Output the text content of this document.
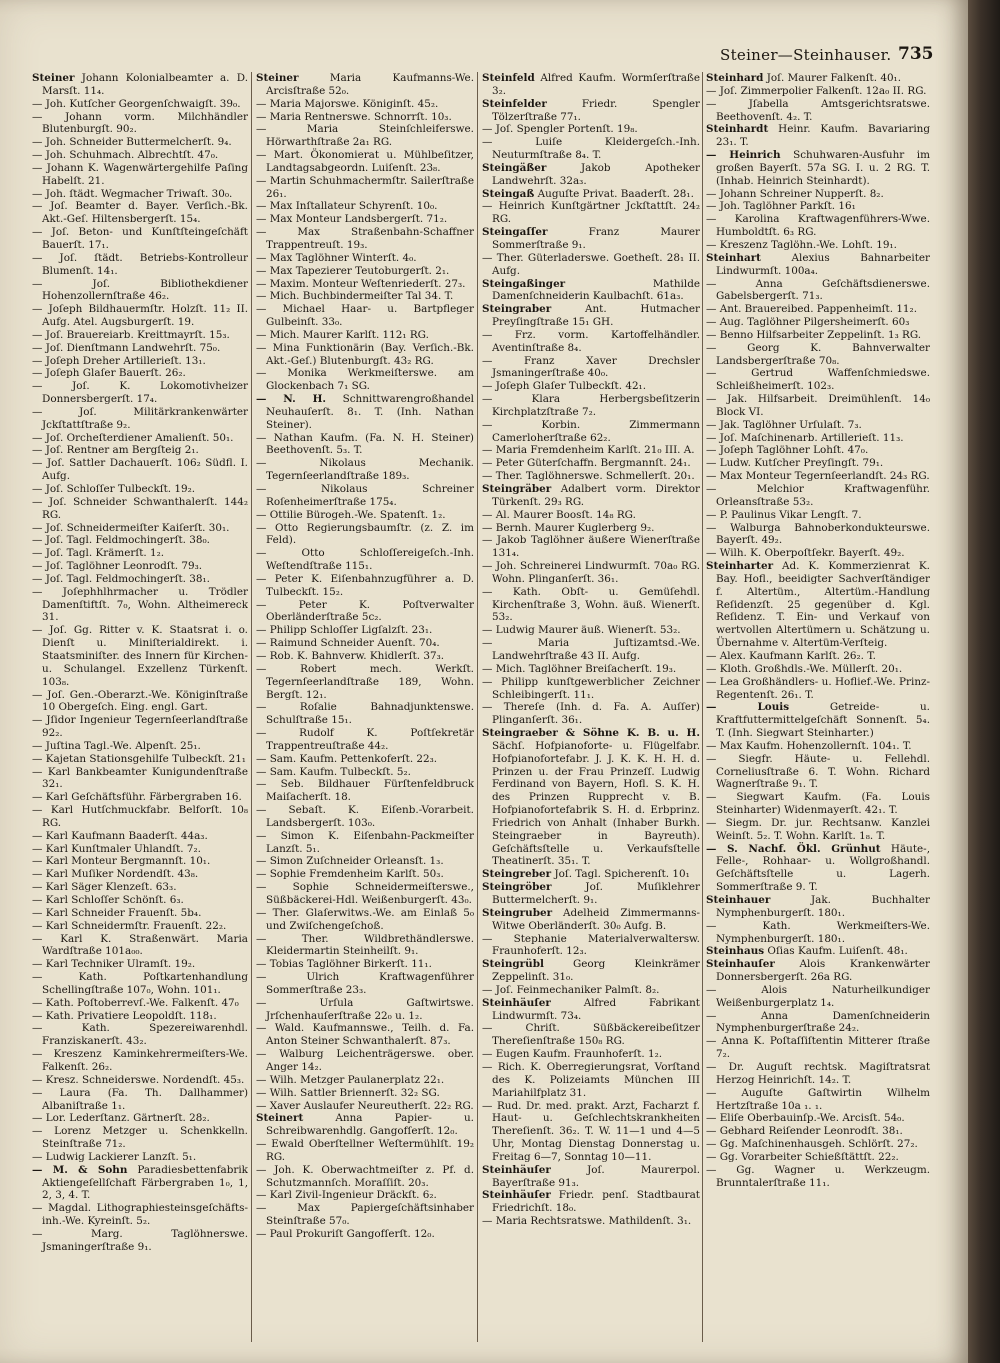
Steiner—Steinhauser. 735

Steiner Johann Kolonialbeamter a. D. Marsſt. 11₄.

— Joh. Kutſcher Georgenſchwaigſt. 39₀.

— Johann vorm. Milchhändler Blutenburgſt. 90₂.

— Joh. Schneider Buttermelcherſt. 9₄.

— Joh. Schuhmach. Albrechtſt. 47₀.

— Johann K. Wagenwärtergehilfe Paſing Habelſt. 21.

— Joh. ſtädt. Wegmacher Triwaſt. 30₀.

— Joſ. Beamter d. Bayer. Verſich.-Bk. Akt.-Geſ. Hiltensbergerſt. 15₄.

— Joſ. Beton- und Kunſtſteingeſchäft Bauerſt. 17₁.

— Joſ. ſtädt. Betriebs-Kontrolleur Blumenſt. 14₁.

— Joſ. Bibliothekdiener Hohenzollernſtraße 46₂.

— Joſeph Bildhauermſtr. Holzſt. 11₂ II. Aufg. Atel. Augsburgerſt. 19.

— Joſ. Brauereiarb. Kreittmayrſt. 15₃.

— Joſ. Dienſtmann Landwehrſt. 75₀.

— Joſeph Dreher Artillerieſt. 13₁.

— Joſeph Glaſer Bauerſt. 26₂.

— Joſ. K. Lokomotivheizer Donnersbergerſt. 17₄.

— Joſ. Militärkrankenwärter Jckſtattſtraße 9₂.

— Joſ. Orcheſterdiener Amalienſt. 50₁.

— Joſ. Rentner am Bergſteig 2₁.

— Joſ. Sattler Dachauerſt. 106₂ Südfl. I. Aufg.

— Joſ. Schloſſer Tulbeckſt. 19₂.

— Joſ. Schneider Schwanthalerſt. 144₂ RG.

— Joſ. Schneidermeiſter Kaiſerſt. 30₁.

— Joſ. Tagl. Feldmochingerſt. 38₀.

— Joſ. Tagl. Krämerſt. 1₂.

— Joſ. Taglöhner Leonrodſt. 79₃.

— Joſ. Tagl. Feldmochingerſt. 38₁.

— Joſephhlhrmacher u. Trödler Damenſtiftſt. 7₀, Wohn. Altheimereck 31.

— Joſ. Gg. Ritter v. K. Staatsrat i. o. Dienſt u. Miniſterialdirekt. i. Staatsminiſter. des Innern für Kirchen- u. Schulangel. Exzellenz Türkenſt. 103₈.

— Joſ. Gen.-Oberarzt.-We. Königinſtraße 10 Obergeſch. Eing. engl. Gart.

— Jſidor Ingenieur Tegernſeerlandſtraße 92₂.

— Juſtina Tagl.-We. Alpenſt. 25₁.

— Kajetan Stationsgehilfe Tulbeckſt. 21₁

— Karl Bankbeamter Kunigundenſtraße 32₁.

— Karl Geſchäftsführ. Färbergraben 16.

— Karl Hutſchmuckfabr. Belforſt. 10₈ RG.

— Karl Kaufmann Baaderſt. 44a₃.

— Karl Kunſtmaler Uhlandſt. 7₂.

— Karl Monteur Bergmannſt. 10₁.

— Karl Muſiker Nordendſt. 43₈.

— Karl Säger Klenzeſt. 63₃.

— Karl Schloſſer Schönſt. 6₃.

— Karl Schneider Frauenſt. 5b₄.

— Karl Schneidermſtr. Frauenſt. 22₂.

— Karl K. Straßenwärt. Maria Wardſtraße 101a₀₀.

— Karl Techniker Ulramſt. 19₂.

— Kath. Poſtkartenhandlung Schellingſtraße 107₀, Wohn. 101₁.

— Kath. Poſtoberrevſ.-We. Falkenſt. 47₀

— Kath. Privatiere Leopoldſt. 118₁.

— Kath. Spezereiwarenhdl. Franziskanerſt. 43₂.

— Kreszenz Kaminkehrermeiſters-We. Falkenſt. 26₂.

— Kresz. Schneiderswe. Nordendſt. 45₃.

— Laura (Fa. Th. Dallhammer) Albaniſtraße 1₁.

— Lor. Lederſtanz. Gärtnerſt. 28₂.

— Lorenz Metzger u. Schenkkelln. Steinſtraße 71₂.

— Ludwig Lackierer Lanzſt. 5₁.

— M. & Sohn Paradiesbettenfabrik Aktiengeſellſchaft Färbergraben 1₀, 1, 2, 3, 4. T.

— Magdal. Lithographiesteinsgeſchäfts-inh.-We. Kyreinſt. 5₂.

— Marg. Taglöhnerswe. Jsmaningerſtraße 9₁.

Steiner	Maria Kaufmanns-We. Arcisſtraße 52₀.

— Maria Majorswe. Königinſt. 45₂.

— Maria Rentnerswe. Schnorrſt. 10₃.

— Maria Steinſchleiferswe. Hörwarthſtraße 2a₁ RG.

— Mart. Ökonomierat u. Mühlbeſitzer, Landtagsabgeordn. Luiſenſt. 23₈.

— Martin Schuhmachermſtr. Sailerſtraße 26₁.

— Max Inſtallateur Schyrenſt. 10₀.

— Max Monteur Landsbergerſt. 71₂.

— Max Straßenbahn-Schaffner Trappentreuſt. 19₃.

— Max Taglöhner Winterſt. 4₀.

— Max Tapezierer Teutoburgerſt. 2₁.

— Maxim. Monteur Weſtenriederſt. 27₃.

— Mich. Buchbindermeiſter Tal 34. T.

— Michael Haar- u. Bartpfleger Gulbeinſt. 33₀.

— Mich. Maurer Karlſt. 112₁ RG.

— Mina Funktionärin (Bay. Verſich.-Bk. Akt.-Geſ.) Blutenburgſt. 43₂ RG.

— Monika Werkmeiſterswe. am Glockenbach 7₁ SG.

— N. H. Schnittwarengroßhandel Neuhauſerſt. 8₁. T. (Inh. Nathan Steiner).

— Nathan Kaufm. (Fa. N. H. Steiner) Beethovenſt. 5₃. T.

— Nikolaus Mechanik. Tegernſeerlandſtraße 189₃.

— Nikolaus Schreiner Roſenheimerſtraße 175₄.

— Ottilie Bürogeh.-We. Spatenſt. 1₂.

— Otto Regierungsbaumſtr. (z. Z. im Feld).

— Otto Schloſſereigeſch.-Inh. Weſtendſtraße 115₁.

— Peter K. Eiſenbahnzugführer a. D. Tulbeckſt. 15₂.

— Peter K. Poſtverwalter Oberländerſtraße 5c₂.

— Philipp Schloſſer Ligſalzſt. 23₁.

— Raimund Schneider Auenſt. 70₄.

— Rob. K. Bahnverw. Khidlerſt. 37₃.

— Robert mech. Werkſt. Tegernſeerlandſtraße 189, Wohn. Bergſt. 12₁.

— Roſalie Bahnadjunktenswe. Schulſtraße 15₁.

— Rudolf K. Poſtſekretär Trappentreuſtraße 44₂.

— Sam. Kaufm. Pettenkoferſt. 22₃.

— Sam. Kaufm. Tulbeckſt. 5₂.

— Seb. Bildhauer Fürſtenfeldbruck Maiſacherſt. 18.

— Sebaſt. K. Eiſenb.-Vorarbeit. Landsbergerſt. 103₀.

— Simon K. Eiſenbahn-Packmeiſter Lanzſt. 5₁.

— Simon Zuſchneider Orleansſt. 1₃.

— Sophie Fremdenheim Karlſt. 50₃.

— Sophie Schneidermeiſterswe., Süßbäckerei-Hdl. Weißenburgerſt. 43₀.

— Ther. Glaſerwitws.-We. am Einlaß 5₀ und Zwiſchengeſchoß.

— Ther. Wildbrethändlerswe. Kleidermartin Steinheilſt. 9₁.

— Tobias Taglöhner Birkerſt. 11₁.

— Ulrich Kraftwagenführer Sommerſtraße 23₃.

— Urſula Gaſtwirtswe. Jrſchenhauſerſtraße 22₀ u. 1₂.

— Wald. Kaufmannswe., Teilh. d. Fa. Anton Steiner Schwanthalerſt. 87₃.

— Walburg Leichenträgerswe. ober. Anger 14₂.

— Wilh. Metzger Paulanerplatz 22₁.

— Wilh. Sattler Briennerſt. 32₂ SG.

— Xaver Auslaufer Neureutherſt. 22₂ RG.

Steinert	Anna Papier- u. Schreibwarenhdlg. Gangofſerſt. 12₀.

— Ewald Oberſtellner Weſtermühlſt. 19₂ RG.

— Joh. K. Oberwachtmeiſter z. Pf. d. Schutzmannſch. Moraſſiſt. 20₃.

— Karl Zivil-Ingenieur Dräckſt. 6₂.

— Max Papiergeſchäftsinhaber Steinſtraße 57₀.

— Paul Prokuriſt Gangofſerſt. 12₀.

Steinfeld Alfred Kaufm. Wormſerſtraße 3₂.

Steinfelder	Friedr. Spengler Tölzerſtraße 77₁.

— Joſ. Spengler Portenſt. 19₈.

— Luiſe Kleidergeſch.-Inh. Neuturmſtraße 8₄. T.

Steingäßer	Jakob Apotheker Landwehrſt. 32a₃.

Steingaß Auguſte Privat. Baaderſt. 28₁.

— Heinrich Kunſtgärtner Jckſtattſt. 24₂ RG.

Steingaſſer	Franz Maurer Sommerſtraße 9₁.

— Ther. Güterladerswe. Goetheſt. 28₁ II. Aufg.

Steingaßinger	Mathilde Damenſchneiderin Kaulbachſt. 61a₃.

Steingraber	Ant. Hutmacher Preyſingſtraße 15₁ GH.

— Frz. vorm. Kartoffelhändler. Aventinſtraße 8₄.

— Franz Xaver Drechsler Jsmaningerſtraße 40₀.

— Joſeph Glaſer Tulbeckſt. 42₁.

— Klara Herbergsbeſitzerin Kirchplatzſtraße 7₂.

— Korbin. Zimmermann Camerloherſtraße 62₂.

— Maria Fremdenheim Karlſt. 21₀ III. A.

— Peter Güterſchaffn. Bergmannſt. 24₁.

— Ther. Taglöhnerswe. Schmellerſt. 20₁.

Steingräber Adalbert vorm. Direktor Türkenſt. 29₃ RG.

— Al. Maurer Boosſt. 14₈ RG.

— Bernh. Maurer Kuglerberg 9₂.

— Jakob Taglöhner äußere Wienerſtraße 131₄.

— Joh. Schreinerei Lindwurmſt. 70a₀ RG. Wohn. Plinganſerſt. 36₁.

— Kath. Obſt- u. Gemüſehdl. Kirchenſtraße 3, Wohn. äuß. Wienerſt. 53₂.

— Ludwig Maurer äuß. Wienerſt. 53₂.

— Maria Juſtizamtsd.-We. Landwehrſtraße 43 II. Aufg.

— Mich. Taglöhner Breiſacherſt. 19₃.

— Philipp kunſtgewerblicher Zeichner Schleibingerſt. 11₁.

— Thereſe (Inh. d. Fa. A. Auſſer) Plinganſerſt. 36₁.

Steingraeber & Söhne K. B. u. H. Sächſ. Hofpianoforte- u. Flügelfabr. Hofpianofortefabr. J. J. K. K. H. H. d. Prinzen u. der Frau Prinzeſſ. Ludwig Ferdinand von Bayern, Hofl. S. K. H. des Prinzen Rupprecht v. B. Hofpianofortefabrik S. H. d. Erbprinz. Friedrich von Anhalt (Inhaber Burkh. Steingraeber in Bayreuth). Geſchäftsſtelle u. Verkaufsſtelle Theatinerſt. 35₁. T.

Steingreber Joſ. Tagl. Spicherenſt. 10₁

Steingröber	Joſ. Muſiklehrer Buttermelcherſt. 9₁.

Steingruber Adelheid Zimmermanns-Witwe Oberländerſt. 30₀ Aufg. B.

— Stephanie Materialverwaltersw. Fraunhoferſt. 12₃.

Steingrübl	Georg Kleinkrämer Zeppelinſt. 31₀.

— Joſ. Feinmechaniker Palmſt. 8₂.

Steinhäuſer	Alfred Fabrikant Lindwurmſt. 73₄.

— Chriſt. Süßbäckereibeſitzer Thereſienſtraße 150₈ RG.

— Eugen Kaufm. Fraunhoferſt. 1₂.

— Rich. K. Oberregierungsrat, Vorſtand des K. Polizeiamts München III Mariahilfplatz 31.

— Rud. Dr. med. prakt. Arzt, Facharzt f. Haut- u. Geſchlechtskrankheiten Thereſienſt. 36₂. T. W. 11—1 und 4—5 Uhr, Montag Dienstag Donnerstag u. Freitag 6—7, Sonntag 10—11.

Steinhäuſer	Joſ. Maurerpol. Bayerſtraße 91₃.

Steinhäuſer Friedr. penſ. Stadtbaurat Friedrichſt. 18₀.

— Maria Rechtsratswe. Mathildenſt. 3₁.

Steinhard Joſ. Maurer Falkenſt. 40₁.

— Joſ. Zimmerpolier Falkenſt. 12a₀ II. RG.

— Jſabella Amtsgerichtsratswe. Beethovenſt. 4₂. T.

Steinhardt Heinr. Kaufm. Bavariaring 23₁. T.

— Heinrich Schuhwaren-Ausfuhr im großen Bayerſt. 57a SG. I. u. 2 RG. T. (Inhab. Heinrich Steinhardt).

— Johann Schreiner Nupperſt. 8₂.

— Joh. Taglöhner Parkſt. 16₁

— Karolina Kraftwagenführers-Wwe. Humboldtſt. 6₃ RG.

— Kreszenz Taglöhn.-We. Lohſt. 19₁.

Steinhart	Alexius Bahnarbeiter Lindwurmſt. 100a₄.

— Anna Geſchäftsdienerswe. Gabelsbergerſt. 71₃.

— Ant. Brauereibed. Pappenheimſt. 11₂.

— Aug. Taglöhner Pilgersheimerſt. 60₃

— Benno Hilfsarbeiter Zeppelinſt. 1₃ RG.

— Georg K. Bahnverwalter Landsbergerſtraße 70₈.

— Gertrud Waffenſchmiedswe. Schleißheimerſt. 102₃.

— Jak. Hilfsarbeit. Dreimühlenſt. 14₀ Block VI.

— Jak. Taglöhner Urſulaſt. 7₃.

— Joſ. Maſchinenarb. Artillerieſt. 11₃.

— Joſeph Taglöhner Lohſt. 47₀.

— Ludw. Kutſcher Preyſingſt. 79₁.

— Max Monteur Tegernſeerlandſt. 24₃ RG.

— Melchior Kraftwagenführ. Orleansſtraße 53₂.

— P. Paulinus Vikar Lengſt. 7.

— Walburga Bahnoberkondukteurswe. Bayerſt. 49₂.

— Wilh. K. Oberpoſtſekr. Bayerſt. 49₂.

Steinharter Ad. K. Kommerzienrat K. Bay. Hofl., beeidigter Sachverſtändiger f. Altertüm., Altertüm.-Handlung Reſidenzſt. 25 gegenüber d. Kgl. Reſidenz. T. Ein- und Verkauf von wertvollen Altertümern u. Schätzung u. Übernahme v. Altertüm-Verſteig.

— Alex. Kaufmann Karlſt. 26₂. T.

— Kloth. Großhdls.-We. Müllerſt. 20₁.

— Lea Großhändlers- u. Hoflief.-We. Prinz-Regentenſt. 26₁. T.

— Louis	Getreide- u. Kraftfuttermittelgeſchäft Sonnenſt. 5₄. T. (Inh. Siegwart Steinharter.)

— Max Kaufm. Hohenzollernſt. 104₁. T.

— Siegfr. Häute- u. Fellehdl. Corneliusſtraße 6. T. Wohn. Richard Wagnerſtraße 9₁. T.

— Siegwart Kaufm. (Fa. Louis Steinharter) Widenmayerſt. 42₁. T.

— Siegm. Dr. jur. Rechtsanw. Kanzlei Weinſt. 5₂. T. Wohn. Karlſt. 1₈. T.

— S. Nachf. Ökl. Grünhut Häute-, Felle-, Rohhaar- u. Wollgroßhandl. Geſchäftsſtelle u. Lagerh. Sommerſtraße 9. T.

Steinhauer	Jak. Buchhalter Nymphenburgerſt. 180₁.

— Kath. Werkmeiſters-We. Nymphenburgerſt. 180₁.

Steinhaus Oſias Kaufm. Luiſenſt. 48₁.

Steinhauſer Alois Krankenwärter Donnersbergerſt. 26a RG.

— Alois Naturheilkundiger Weißenburgerplatz 1₄.

— Anna Damenſchneiderin Nymphenburgerſtraße 24₂.

— Anna K. Poſtaſſiſtentin Mitterer ſtraße 7₂.

— Dr. Auguſt rechtsk. Magiſtratsrat Herzog Heinrichſt. 14₂. T.

— Auguſte Gaſtwirtin Wilhelm Hertzſtraße 10a ₁. ₁.

— Eliſe Oberbauinſp.-We. Arcisſt. 54₀.

— Gebhard Reiſender Leonrodſt. 38₁.

— Gg. Maſchinenhausgeh. Schlörſt. 27₂.

— Gg. Vorarbeiter Schießſtättſt. 22₂.

— Gg. Wagner u. Werkzeugm. Brunntalerſtraße 11₁.
